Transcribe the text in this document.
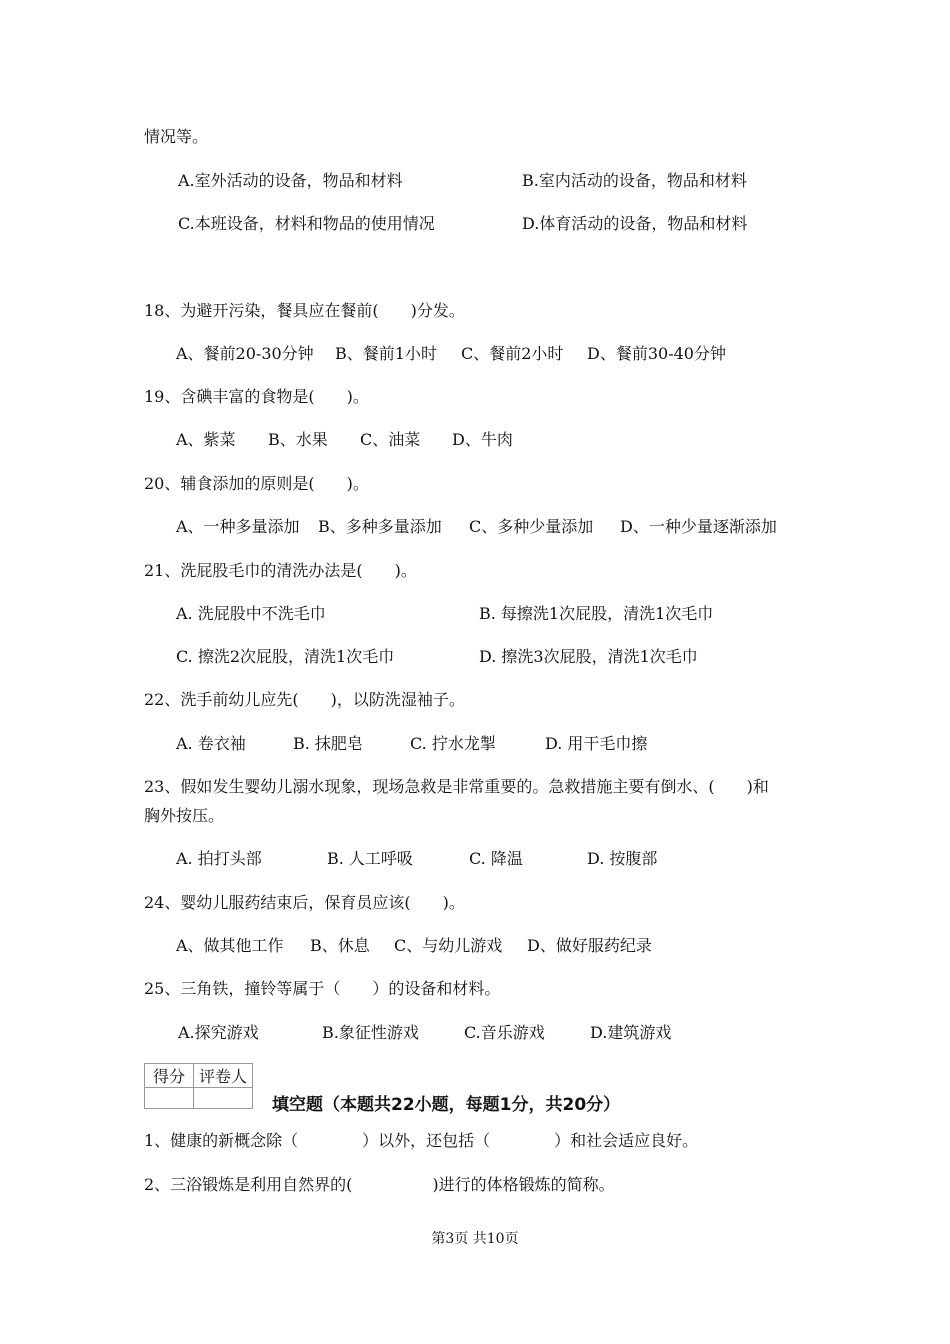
情况等。
A.室外活动的设备，物品和材料	B.室内活动的设备，物品和材料
C.本班设备，材料和物品的使用情况	D.体育活动的设备，物品和材料
18、为避开污染，餐具应在餐前(　　)分发。
A、餐前20-30分钟 B、餐前1小时 C、餐前2小时 D、餐前30-40分钟
19、含碘丰富的食物是(　　)。
A、紫菜 B、水果 C、油菜 D、牛肉
20、辅食添加的原则是(　　)。
A、一种多量添加 B、多种多量添加 C、多种少量添加 D、一种少量逐渐添加
21、洗屁股毛巾的清洗办法是(　　)。
A. 洗屁股中不洗毛巾	B. 每擦洗1次屁股，清洗1次毛巾
C. 擦洗2次屁股，清洗1次毛巾	D. 擦洗3次屁股，清洗1次毛巾
22、洗手前幼儿应先(　　)，以防洗湿袖子。
A. 卷衣袖	B. 抹肥皂	C. 拧水龙掣	D. 用干毛巾擦
23、假如发生婴幼儿溺水现象，现场急救是非常重要的。急救措施主要有倒水、(　　)和
胸外按压。
A. 拍打头部	B. 人工呼吸	C. 降温	D. 按腹部
24、婴幼儿服药结束后，保育员应该(　　)。
A、做其他工作 B、休息 C、与幼儿游戏 D、做好服药纪录
25、三角铁，撞铃等属于（　　）的设备和材料。
A.探究游戏	B.象征性游戏	C.音乐游戏	D.建筑游戏
得分	评卷人

填空题（本题共22小题，每题1分，共20分）
1、健康的新概念除（　　　　）以外，还包括（　　　　）和社会适应良好。
2、三浴锻炼是利用自然界的(　　　　　)进行的体格锻炼的简称。
第3页 共10页
